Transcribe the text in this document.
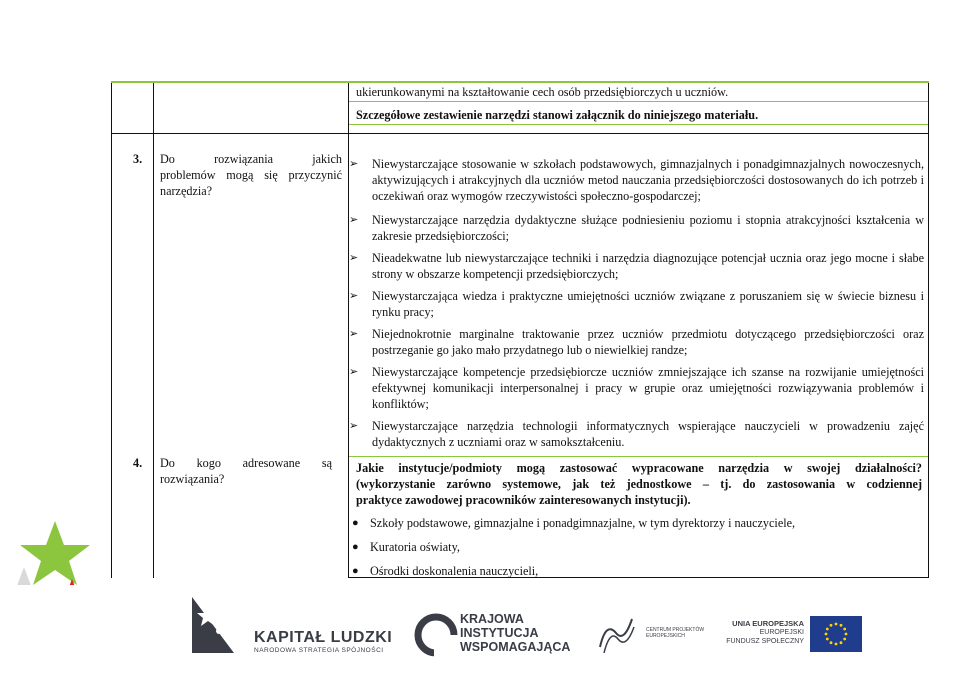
ukierunkowanymi na kształtowanie cech osób przedsiębiorczych u uczniów.
Szczegółowe zestawienie narzędzi stanowi załącznik do niniejszego materiału.
3. Do rozwiązania jakich
problemów mogą się przyczynić
narzędzia?
➢	Niewystarczające stosowanie w szkołach podstawowych, gimnazjalnych i ponadgimnazjalnych nowoczesnych, aktywizujących i atrakcyjnych dla uczniów metod nauczania przedsiębiorczości dostosowanych do ich potrzeb i oczekiwań oraz wymogów rzeczywistości społeczno-gospodarczej;
➢	Niewystarczające narzędzia dydaktyczne służące podniesieniu poziomu i stopnia atrakcyjności kształcenia w zakresie przedsiębiorczości;
➢	Nieadekwatne lub niewystarczające techniki i narzędzia diagnozujące potencjał ucznia oraz jego mocne i słabe strony w obszarze kompetencji przedsiębiorczych;
➢	Niewystarczająca wiedza i praktyczne umiejętności uczniów związane z poruszaniem się w świecie biznesu i rynku pracy;
➢	Niejednokrotnie marginalne traktowanie przez uczniów przedmiotu dotyczącego przedsiębiorczości oraz postrzeganie go jako mało przydatnego lub o niewielkiej randze;
➢	Niewystarczające kompetencje przedsiębiorcze uczniów zmniejszające ich szanse na rozwijanie umiejętności efektywnej komunikacji interpersonalnej i pracy w grupie oraz umiejętności rozwiązywania problemów i konfliktów;
➢	Niewystarczające narzędzia technologii informatycznych wspierające nauczycieli w prowadzeniu zajęć dydaktycznych z uczniami oraz w samokształceniu.
4. Do kogo adresowane są
rozwiązania?
Jakie instytucje/podmioty mogą zastosować wypracowane narzędzia w swojej działalności?
(wykorzystanie zarówno systemowe, jak też jednostkowe – tj. do zastosowania w codziennej
praktyce zawodowej pracowników zainteresowanych instytucji).
● Szkoły podstawowe, gimnazjalne i ponadgimnazjalne, w tym dyrektorzy i nauczyciele,
● Kuratoria oświaty,
● Ośrodki doskonalenia nauczycieli,
KAPITAŁ LUDZKI
NARODOWA STRATEGIA SPÓJNOŚCI
KRAJOWA
INSTYTUCJA
WSPOMAGAJĄCA
CENTRUM PROJEKTÓW
EUROPEJSKICH
UNIA EUROPEJSKA
EUROPEJSKI
FUNDUSZ SPOŁECZNY
